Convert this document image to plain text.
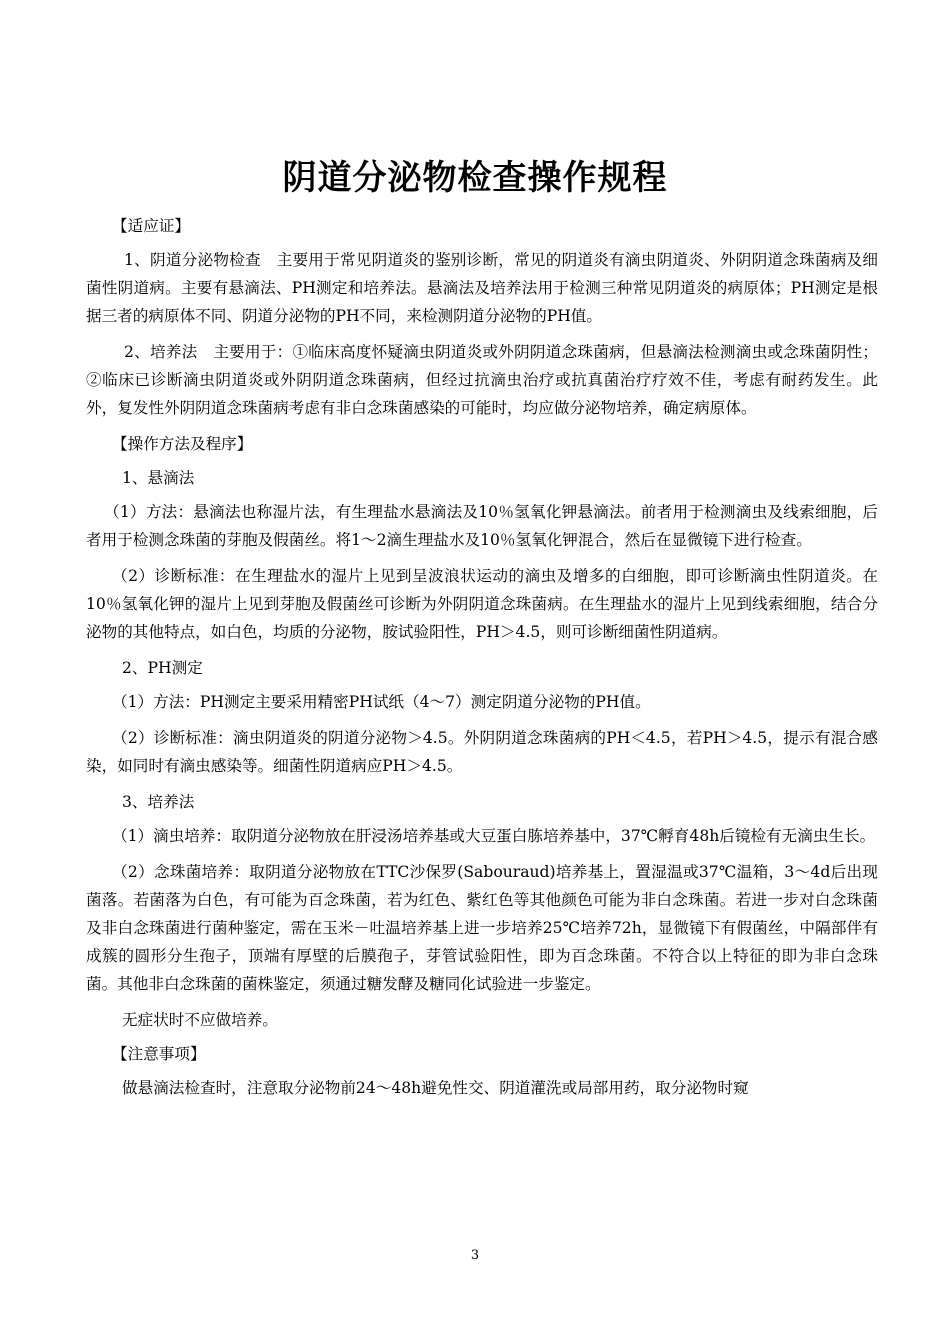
阴道分泌物检查操作规程

【适应证】

1、阴道分泌物检查　主要用于常见阴道炎的鉴别诊断，常见的阴道炎有滴虫阴道炎、外阴阴道念珠菌病及细菌性阴道病。主要有悬滴法、PH测定和培养法。悬滴法及培养法用于检测三种常见阴道炎的病原体；PH测定是根据三者的病原体不同、阴道分泌物的PH不同，来检测阴道分泌物的PH值。

2、培养法　主要用于：①临床高度怀疑滴虫阴道炎或外阴阴道念珠菌病，但悬滴法检测滴虫或念珠菌阴性；②临床已诊断滴虫阴道炎或外阴阴道念珠菌病，但经过抗滴虫治疗或抗真菌治疗疗效不佳，考虑有耐药发生。此外，复发性外阴阴道念珠菌病考虑有非白念珠菌感染的可能时，均应做分泌物培养，确定病原体。

【操作方法及程序】

1、悬滴法

（1）方法：悬滴法也称湿片法，有生理盐水悬滴法及10％氢氧化钾悬滴法。前者用于检测滴虫及线索细胞，后者用于检测念珠菌的芽胞及假菌丝。将1～2滴生理盐水及10％氢氧化钾混合，然后在显微镜下进行检查。

（2）诊断标准：在生理盐水的湿片上见到呈波浪状运动的滴虫及增多的白细胞，即可诊断滴虫性阴道炎。在10％氢氧化钾的湿片上见到芽胞及假菌丝可诊断为外阴阴道念珠菌病。在生理盐水的湿片上见到线索细胞，结合分泌物的其他特点，如白色，均质的分泌物，胺试验阳性，PH＞4.5，则可诊断细菌性阴道病。

2、PH测定

（1）方法：PH测定主要采用精密PH试纸（4～7）测定阴道分泌物的PH值。

（2）诊断标准：滴虫阴道炎的阴道分泌物＞4.5。外阴阴道念珠菌病的PH＜4.5，若PH＞4.5，提示有混合感染，如同时有滴虫感染等。细菌性阴道病应PH＞4.5。

3、培养法

（1）滴虫培养：取阴道分泌物放在肝浸汤培养基或大豆蛋白胨培养基中，37℃孵育48h后镜检有无滴虫生长。

（2）念珠菌培养：取阴道分泌物放在TTC沙保罗(Sabouraud)培养基上，置湿温或37℃温箱，3～4d后出现菌落。若菌落为白色，有可能为百念珠菌，若为红色、紫红色等其他颜色可能为非白念珠菌。若进一步对白念珠菌及非白念珠菌进行菌种鉴定，需在玉米－吐温培养基上进一步培养25℃培养72h，显微镜下有假菌丝，中隔部伴有成簇的圆形分生孢子，顶端有厚壁的后膜孢子，芽管试验阳性，即为百念珠菌。不符合以上特征的即为非白念珠菌。其他非白念珠菌的菌株鉴定，须通过糖发酵及糖同化试验进一步鉴定。

无症状时不应做培养。

【注意事项】

做悬滴法检查时，注意取分泌物前24～48h避免性交、阴道灌洗或局部用药，取分泌物时窥

3
